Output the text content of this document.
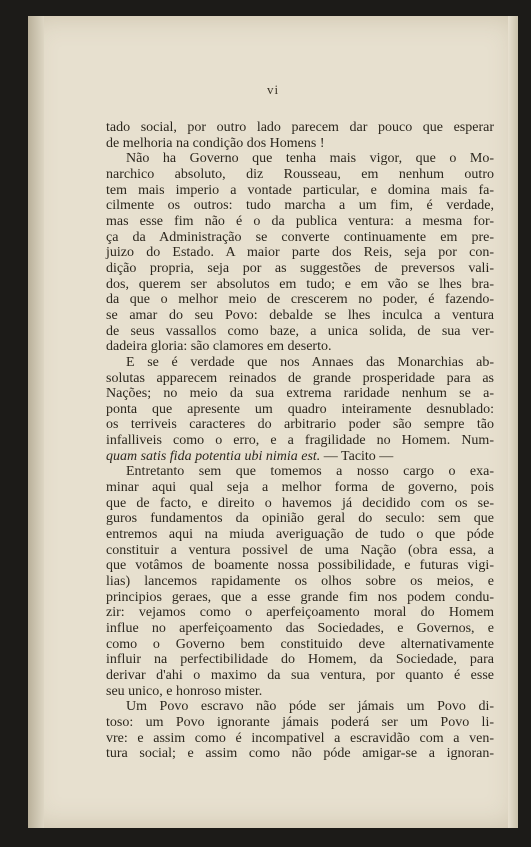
vi

tado social, por outro lado parecem dar pouco que esperar

de melhoria na condição dos Homens !

Não ha Governo que tenha mais vigor, que o Mo-

narchico absoluto, diz Rousseau, em nenhum outro

tem mais imperio a vontade particular, e domina mais fa-

cilmente os outros: tudo marcha a um fim, é verdade,

mas esse fim não é o da publica ventura: a mesma for-

ça da Administração se converte continuamente em pre-

juizo do Estado. A maior parte dos Reis, seja por con-

dição propria, seja por as suggestões de preversos vali-

dos, querem ser absolutos em tudo; e em vão se lhes bra-

da que o melhor meio de crescerem no poder, é fazendo-

se amar do seu Povo: debalde se lhes inculca a ventura

de seus vassallos como baze, a unica solida, de sua ver-

dadeira gloria: são clamores em deserto.

E se é verdade que nos Annaes das Monarchias ab-

solutas apparecem reinados de grande prosperidade para as

Nações; no meio da sua extrema raridade nenhum se a-

ponta que apresente um quadro inteiramente desnublado:

os terriveis caracteres do arbitrario poder são sempre tão

infalliveis como o erro, e a fragilidade no Homem. Num-

quam satis fida potentia ubi nimia est. — Tacito —

Entretanto sem que tomemos a nosso cargo o exa-

minar aqui qual seja a melhor forma de governo, pois

que de facto, e direito o havemos já decidido com os se-

guros fundamentos da opinião geral do seculo: sem que

entremos aqui na miuda averiguação de tudo o que póde

constituir a ventura possivel de uma Nação (obra essa, a

que votâmos de boamente nossa possibilidade, e futuras vigi-

lias) lancemos rapidamente os olhos sobre os meios, e

principios geraes, que a esse grande fim nos podem condu-

zir: vejamos como o aperfeiçoamento moral do Homem

influe no aperfeiçoamento das Sociedades, e Governos, e

como o Governo bem constituido deve alternativamente

influir na perfectibilidade do Homem, da Sociedade, para

derivar d'ahi o maximo da sua ventura, por quanto é esse

seu unico, e honroso mister.

Um Povo escravo não póde ser jámais um Povo di-

toso: um Povo ignorante jámais poderá ser um Povo li-

vre: e assim como é incompativel a escravidão com a ven-

tura social; e assim como não póde amigar-se a ignoran-
